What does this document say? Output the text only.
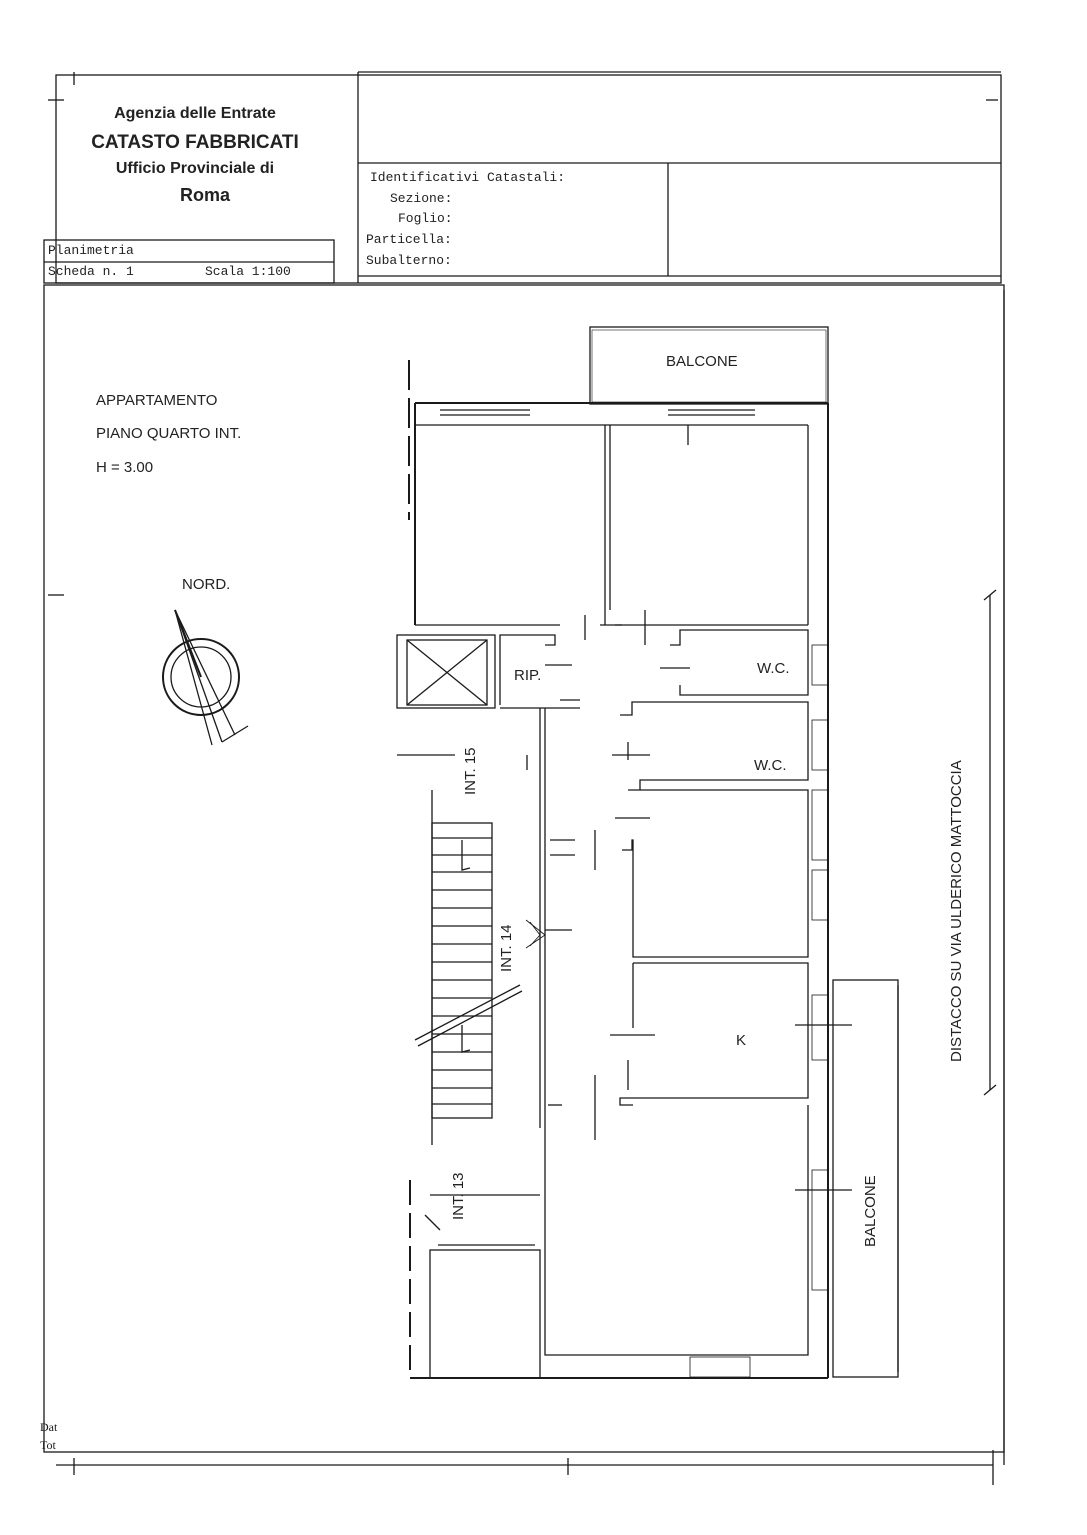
Agenzia delle Entrate
CATASTO FABBRICATI
Ufficio Provinciale di
Roma
Identificativi Catastali:
Sezione:
Foglio:
Particella:
Subalterno:
Planimetria
Scheda n. 1	Scala 1:100
APPARTAMENTO
PIANO QUARTO INT.
H = 3.00
NORD.
BALCONE
RIP.	W.C.
W.C.
K
INT. 15
INT. 14
INT. 13	BALCONE
DISTACCO SU VIA ULDERICO MATTOCCIA
Dat
Tot
